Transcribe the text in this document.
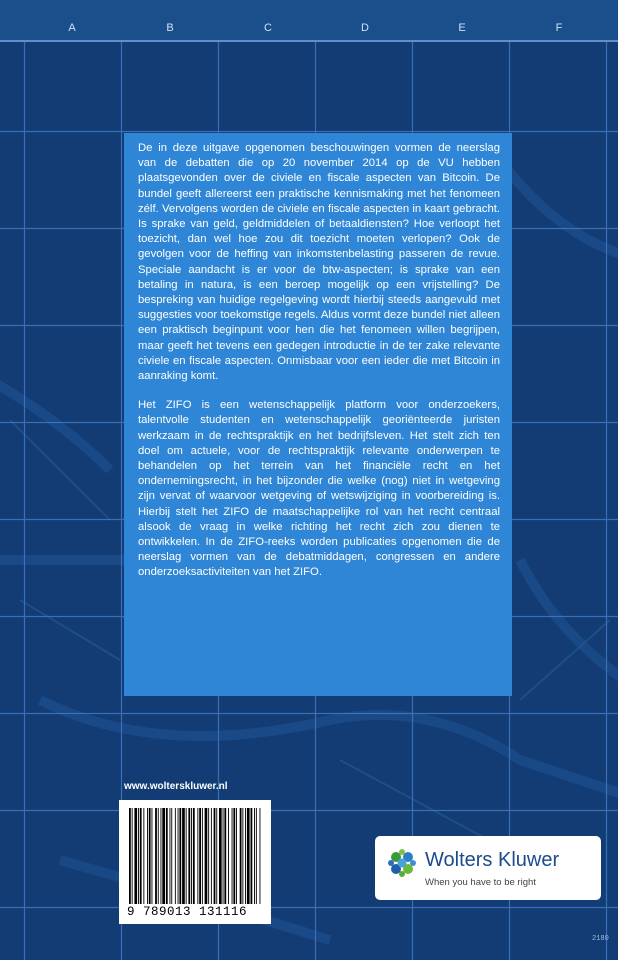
A	B	C	D	E	F

De in deze uitgave opgenomen beschouwingen vormen de neerslag van de debatten die op 20 november 2014 op de VU hebben plaatsgevonden over de civiele en fiscale aspecten van Bitcoin. De bundel geeft allereerst een praktische kennismaking met het fenomeen zélf. Vervolgens worden de civiele en fiscale aspecten in kaart gebracht. Is sprake van geld, geldmiddelen of betaaldiensten? Hoe verloopt het toezicht, dan wel hoe zou dit toezicht moeten verlopen? Ook de gevolgen voor de heffing van inkomstenbelasting passeren de revue. Speciale aandacht is er voor de btw-aspecten; is sprake van een betaling in natura, is een beroep mogelijk op een vrijstelling? De bespreking van huidige regelgeving wordt hierbij steeds aangevuld met suggesties voor toekomstige regels. Aldus vormt deze bundel niet alleen een praktisch beginpunt voor hen die het fenomeen willen begrijpen, maar geeft het tevens een gedegen introductie in de ter zake relevante civiele en fiscale aspecten. Onmisbaar voor een ieder die met Bitcoin in aanraking komt.

Het ZIFO is een wetenschappelijk platform voor onderzoekers, talentvolle studenten en wetenschappelijk georiënteerde juristen werkzaam in de rechtspraktijk en het bedrijfsleven. Het stelt zich ten doel om actuele, voor de rechtspraktijk relevante onderwerpen te behandelen op het terrein van het financiële recht en het ondernemingsrecht, in het bijzonder die welke (nog) niet in wetgeving zijn vervat of waarvoor wetgeving of wetswijziging in voorbereiding is. Hierbij stelt het ZIFO de maatschappelijke rol van het recht centraal alsook de vraag in welke richting het recht zich zou dienen te ontwikkelen. In de ZIFO-reeks worden publicaties opgenomen die de neerslag vormen van de debatmiddagen, congressen en andere onderzoeksactiviteiten van het ZIFO.

www.wolterskluwer.nl
9 789013 131116
Wolters Kluwer
When you have to be right
2180
